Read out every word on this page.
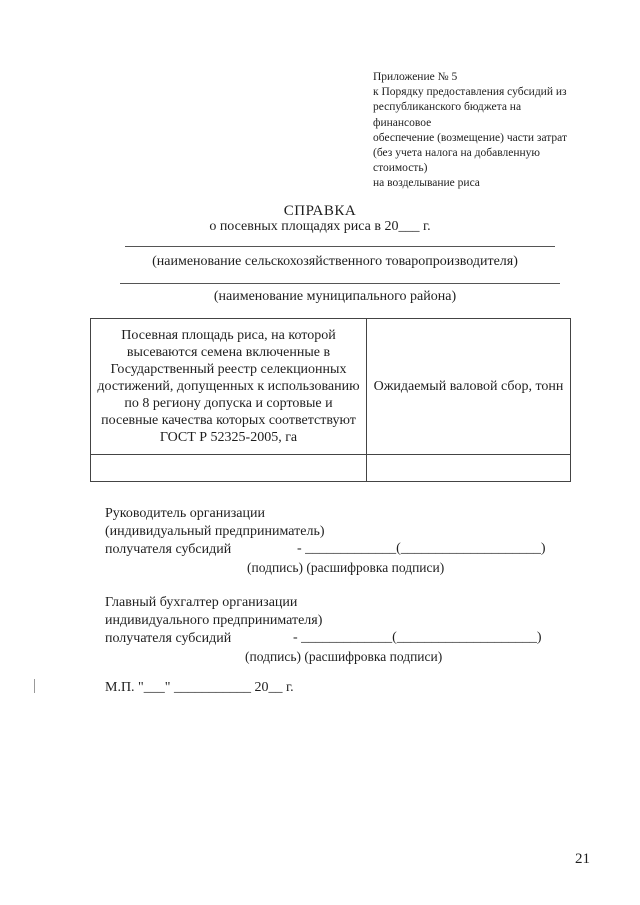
Приложение № 5
к Порядку предоставления субсидий из
республиканского бюджета на
финансовое
обеспечение (возмещение) части затрат
(без учета налога на добавленную
стоимость)
на возделывание риса
СПРАВКА
о посевных площадях риса в 20___ г.
(наименование сельскохозяйственного товаропроизводителя)
(наименование муниципального района)
Посевная площадь риса, на которой высеваются семена включенные в Государственный реестр селекционных достижений, допущенных к использованию по 8 региону допуска и сортовые и посевные качества которых соответствуют ГОСТ Р 52325-2005, га	Ожидаемый валовой сбор, тонн

Руководитель организации
(индивидуальный предприниматель)
получателя субсидий	- _____________(____________________)
(подпись) (расшифровка подписи)
Главный бухгалтер организации
индивидуального предпринимателя)
получателя субсидий	- _____________(____________________)
(подпись) (расшифровка подписи)
М.П. "___" ___________ 20__ г.
21
